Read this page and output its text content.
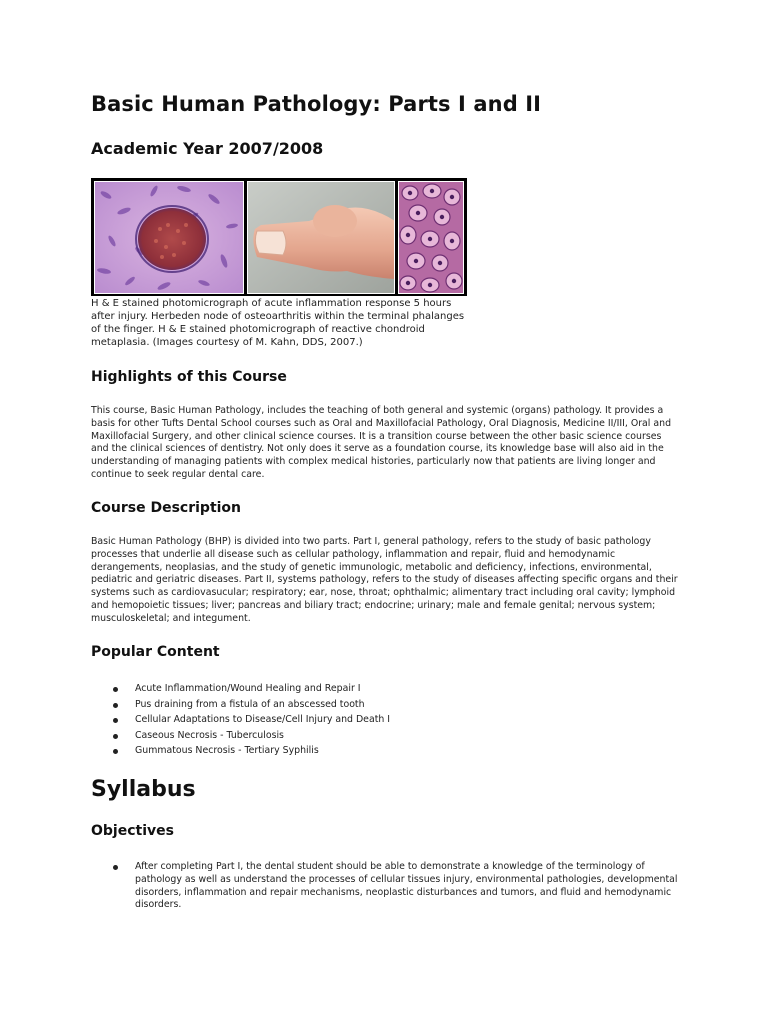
Basic Human Pathology: Parts I and II
Academic Year 2007/2008

H & E stained photomicrograph of acute inflammation response 5 hours after injury. Herbeden node of osteoarthritis within the terminal phalanges of the finger. H & E stained photomicrograph of reactive chondroid metaplasia. (Images courtesy of M. Kahn, DDS, 2007.)

Highlights of this Course

This course, Basic Human Pathology, includes the teaching of both general and systemic (organs) pathology. It provides a basis for other Tufts Dental School courses such as Oral and Maxillofacial Pathology, Oral Diagnosis, Medicine II/III, Oral and Maxillofacial Surgery, and other clinical science courses. It is a transition course between the other basic science courses and the clinical sciences of dentistry. Not only does it serve as a foundation course, its knowledge base will also aid in the understanding of managing patients with complex medical histories, particularly now that patients are living longer and continue to seek regular dental care.

Course Description

Basic Human Pathology (BHP) is divided into two parts. Part I, general pathology, refers to the study of basic pathology processes that underlie all disease such as cellular pathology, inflammation and repair, fluid and hemodynamic derangements, neoplasias, and the study of genetic immunologic, metabolic and deficiency, infections, environmental, pediatric and geriatric diseases. Part II, systems pathology, refers to the study of diseases affecting specific organs and their systems such as cardiovasucular; respiratory; ear, nose, throat; ophthalmic; alimentary tract including oral cavity; lymphoid and hemopoietic tissues; liver; pancreas and biliary tract; endocrine; urinary; male and female genital; nervous system; musculoskeletal; and integument.

Popular Content
Acute Inflammation/Wound Healing and Repair I
Pus draining from a fistula of an abscessed tooth
Cellular Adaptations to Disease/Cell Injury and Death I
Caseous Necrosis - Tuberculosis
Gummatous Necrosis - Tertiary Syphilis
Syllabus
Objectives

After completing Part I, the dental student should be able to demonstrate a knowledge of the terminology of pathology as well as understand the processes of cellular tissues injury, environmental pathologies, developmental disorders, inflammation and repair mechanisms, neoplastic disturbances and tumors, and fluid and hemodynamic disorders.
